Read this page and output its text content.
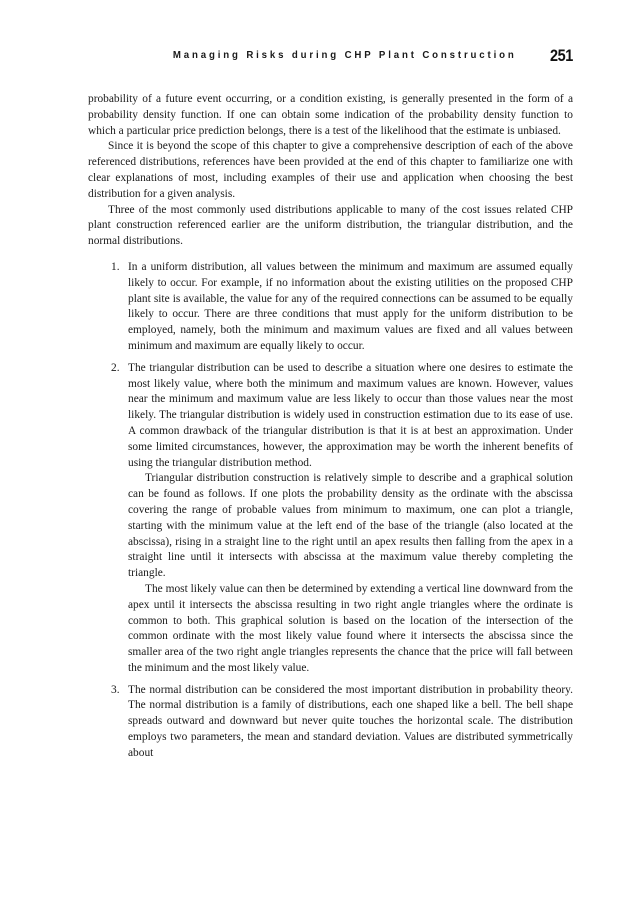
Managing Risks during CHP Plant Construction 251

probability of a future event occurring, or a condition existing, is generally presented in the form of a probability density function. If one can obtain some indication of the probability density function to which a particular price prediction belongs, there is a test of the likelihood that the estimate is unbiased.

Since it is beyond the scope of this chapter to give a comprehensive description of each of the above referenced distributions, references have been provided at the end of this chapter to familiarize one with clear explanations of most, including examples of their use and application when choosing the best distribution for a given analysis.

Three of the most commonly used distributions applicable to many of the cost issues related CHP plant construction referenced earlier are the uniform distribution, the triangular distribution, and the normal distributions.

1. In a uniform distribution, all values between the minimum and maximum are assumed equally likely to occur. For example, if no information about the existing utilities on the proposed CHP plant site is available, the value for any of the required connections can be assumed to be equally likely to occur. There are three conditions that must apply for the uniform distribution to be employed, namely, both the minimum and maximum values are fixed and all values between minimum and maximum are equally likely to occur.

2. The triangular distribution can be used to describe a situation where one desires to estimate the most likely value, where both the minimum and maximum values are known. However, values near the minimum and maximum value are less likely to occur than those values near the most likely. The triangular distribution is widely used in construction estimation due to its ease of use. A common drawback of the triangular distribution is that it is at best an approximation. Under some limited circumstances, however, the approximation may be worth the inherent benefits of using the triangular distribution method.

Triangular distribution construction is relatively simple to describe and a graphical solution can be found as follows. If one plots the probability density as the ordinate with the abscissa covering the range of probable values from minimum to maximum, one can plot a triangle, starting with the minimum value at the left end of the base of the triangle (also located at the abscissa), rising in a straight line to the right until an apex results then falling from the apex in a straight line until it intersects with abscissa at the maximum value thereby completing the triangle.

The most likely value can then be determined by extending a vertical line downward from the apex until it intersects the abscissa resulting in two right angle triangles where the ordinate is common to both. This graphical solution is based on the location of the intersection of the common ordinate with the most likely value found where it intersects the abscissa since the smaller area of the two right angle triangles represents the chance that the price will fall between the minimum and the most likely value.

3. The normal distribution can be considered the most important distribution in probability theory. The normal distribution is a family of distributions, each one shaped like a bell. The bell shape spreads outward and downward but never quite touches the horizontal scale. The distribution employs two parameters, the mean and standard deviation. Values are distributed symmetrically about
